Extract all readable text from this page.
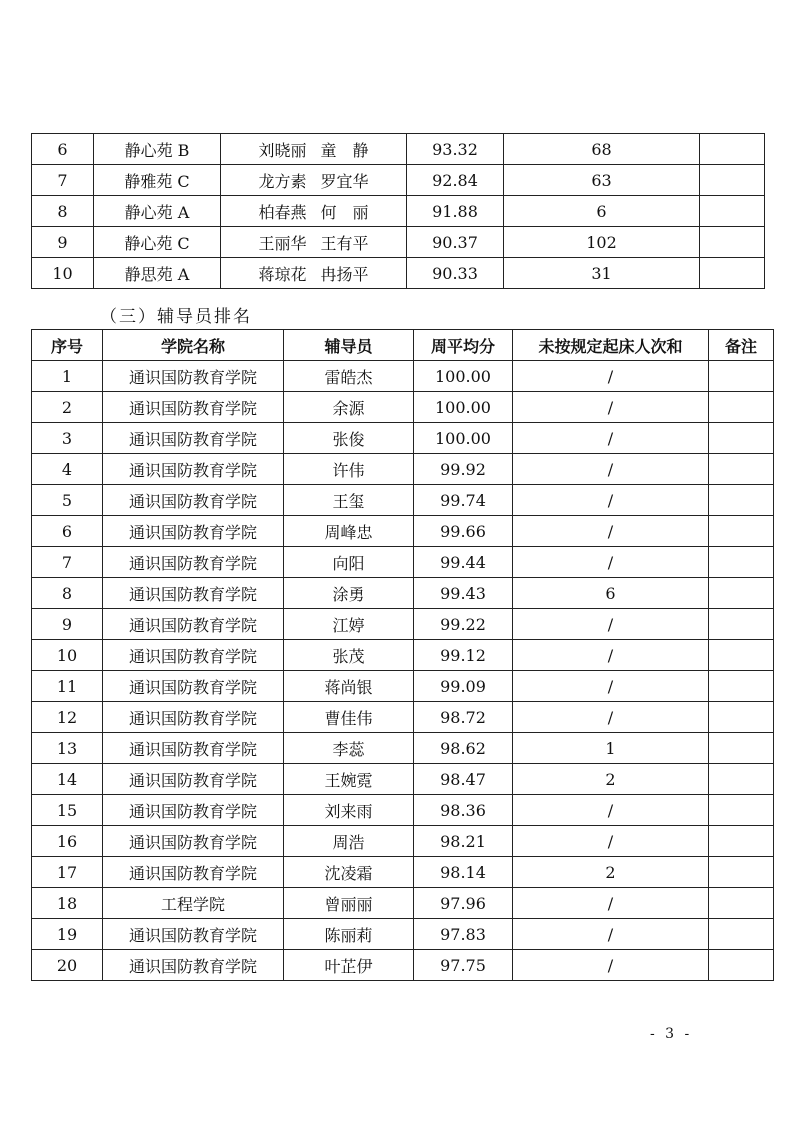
6	静心苑 B	刘晓丽 童　静	93.32	68	
7	静雅苑 C	龙方素 罗宜华	92.84	63	
8	静心苑 A	柏春燕 何　丽	91.88	6	
9	静心苑 C	王丽华 王有平	90.37	102	
10	静思苑 A	蒋琼花 冉扬平	90.33	31	
（三）辅导员排名
序号	学院名称	辅导员	周平均分	未按规定起床人次和	备注
1	通识国防教育学院	雷皓杰	100.00	/	
2	通识国防教育学院	余源	100.00	/	
3	通识国防教育学院	张俊	100.00	/	
4	通识国防教育学院	许伟	99.92	/	
5	通识国防教育学院	王玺	99.74	/	
6	通识国防教育学院	周峰忠	99.66	/	
7	通识国防教育学院	向阳	99.44	/	
8	通识国防教育学院	涂勇	99.43	6	
9	通识国防教育学院	江婷	99.22	/	
10	通识国防教育学院	张茂	99.12	/	
11	通识国防教育学院	蒋尚银	99.09	/	
12	通识国防教育学院	曹佳伟	98.72	/	
13	通识国防教育学院	李蕊	98.62	1	
14	通识国防教育学院	王婉霓	98.47	2	
15	通识国防教育学院	刘来雨	98.36	/	
16	通识国防教育学院	周浩	98.21	/	
17	通识国防教育学院	沈凌霜	98.14	2	
18	工程学院	曾丽丽	97.96	/	
19	通识国防教育学院	陈丽莉	97.83	/	
20	通识国防教育学院	叶芷伊	97.75	/	
- 3 -
